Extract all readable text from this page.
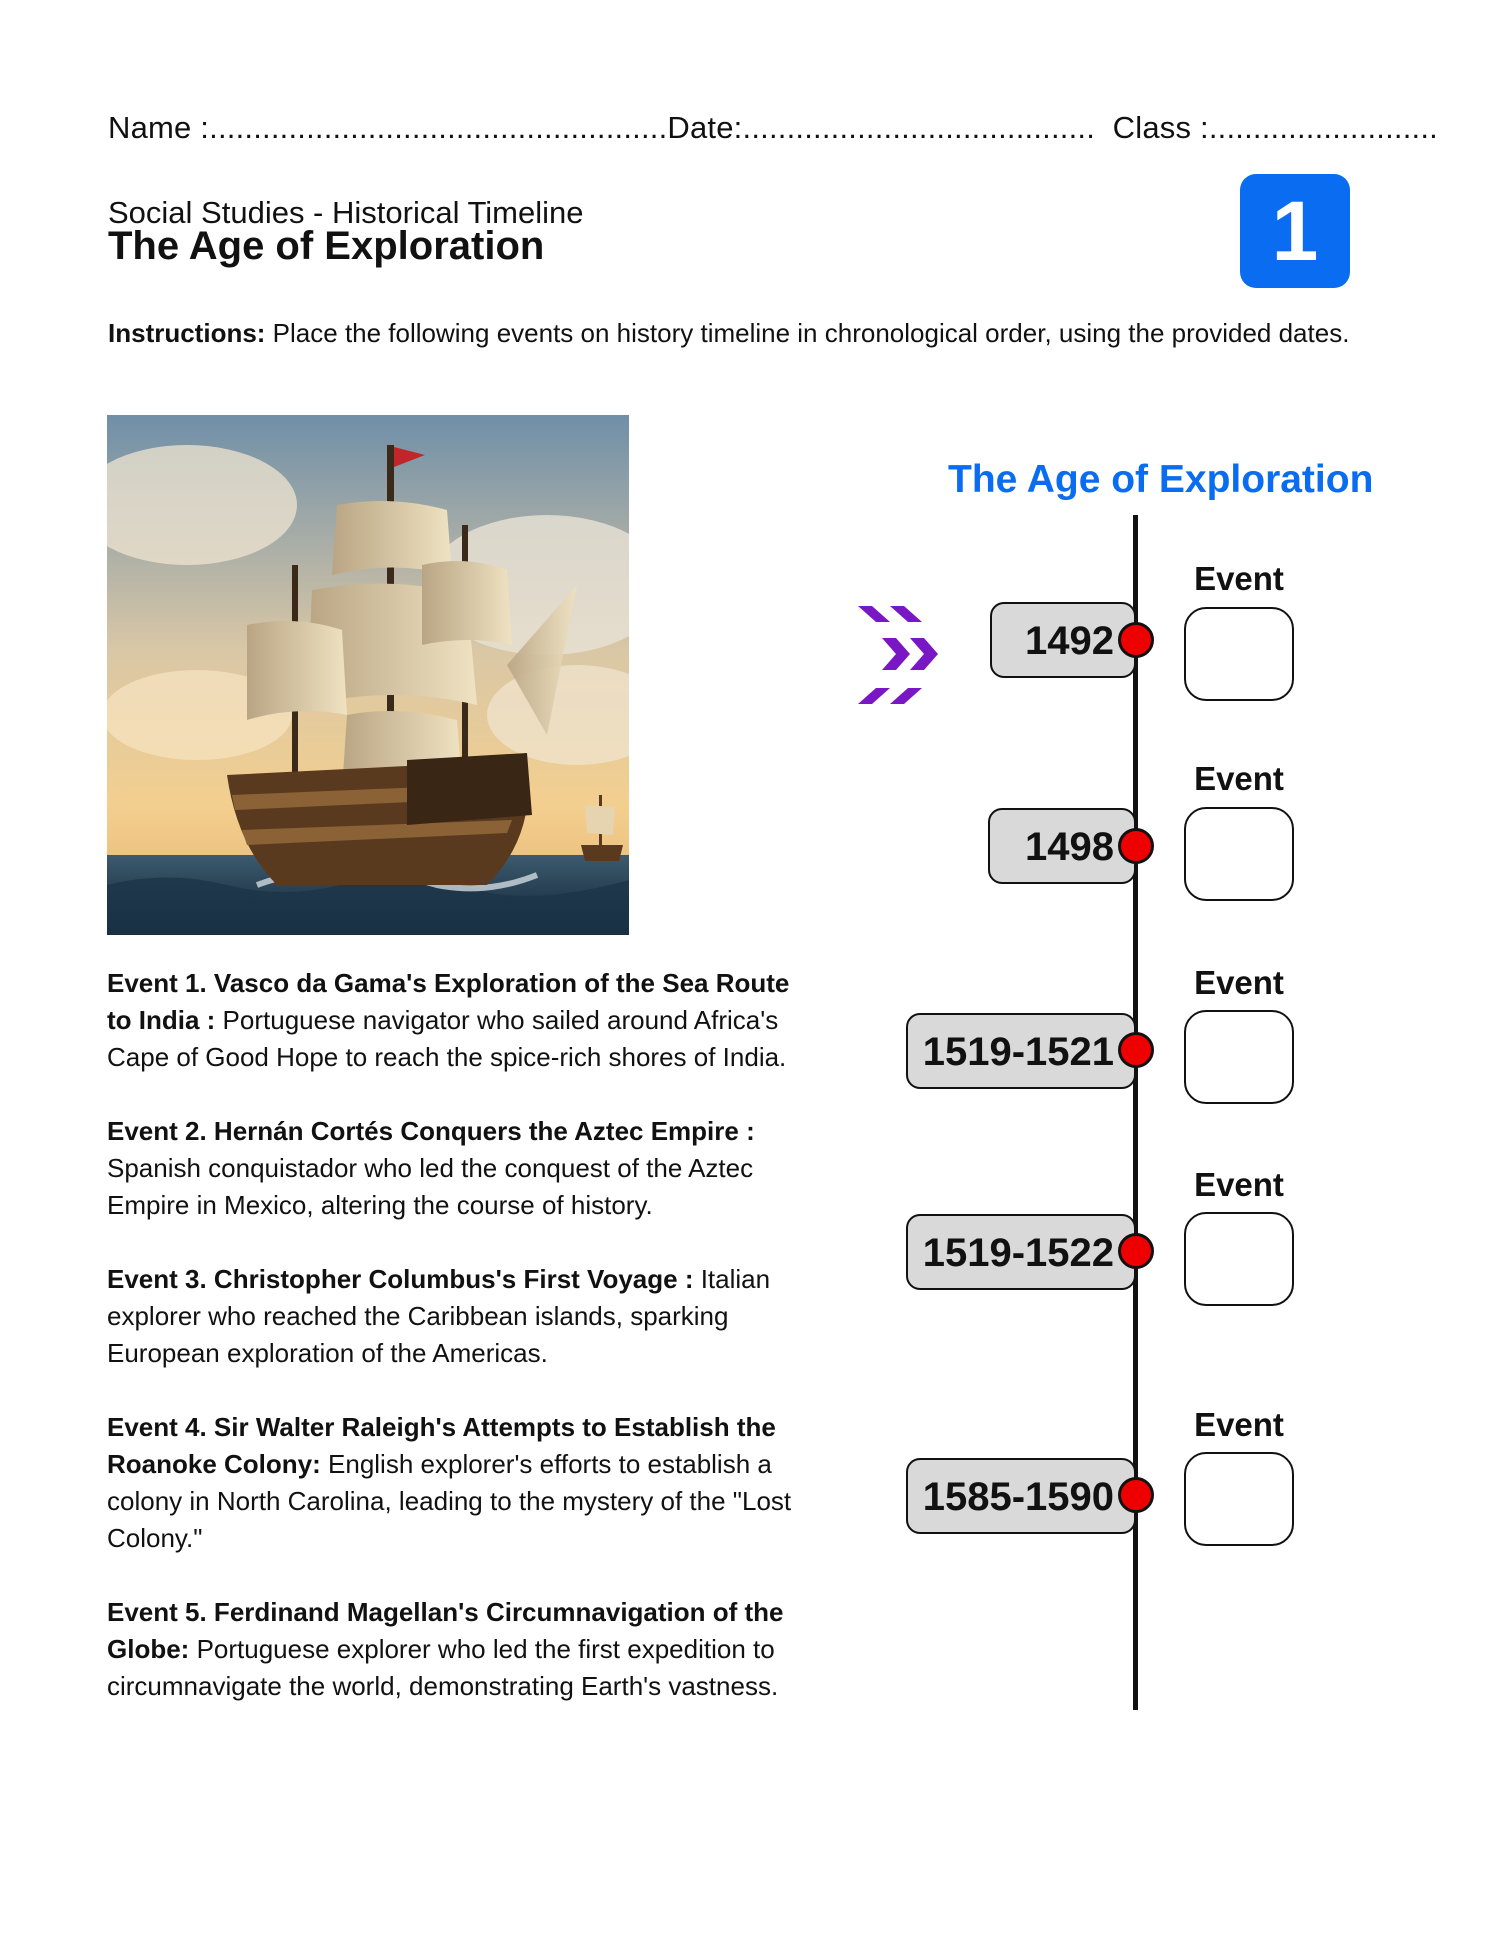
Name :....................................................Date:........................................ Class :..........................
Social Studies - Historical Timeline
The Age of Exploration	1
Instructions: Place the following events on history timeline in chronological order, using the provided dates.
Event 1. Vasco da Gama's Exploration of the Sea Route to India : Portuguese navigator who sailed around Africa's Cape of Good Hope to reach the spice-rich shores of India.
Event 2. Hernán Cortés Conquers the Aztec Empire : Spanish conquistador who led the conquest of the Aztec Empire in Mexico, altering the course of history.
Event 3. Christopher Columbus's First Voyage : Italian explorer who reached the Caribbean islands, sparking European exploration of the Americas.
Event 4. Sir Walter Raleigh's Attempts to Establish the Roanoke Colony: English explorer's efforts to establish a colony in North Carolina, leading to the mystery of the "Lost Colony."
Event 5. Ferdinand Magellan's Circumnavigation of the Globe: Portuguese explorer who led the first expedition to circumnavigate the world, demonstrating Earth's vastness.
The Age of Exploration
Event
1492
Event
1498
Event
1519-1521
Event
1519-1522
Event
1585-1590
